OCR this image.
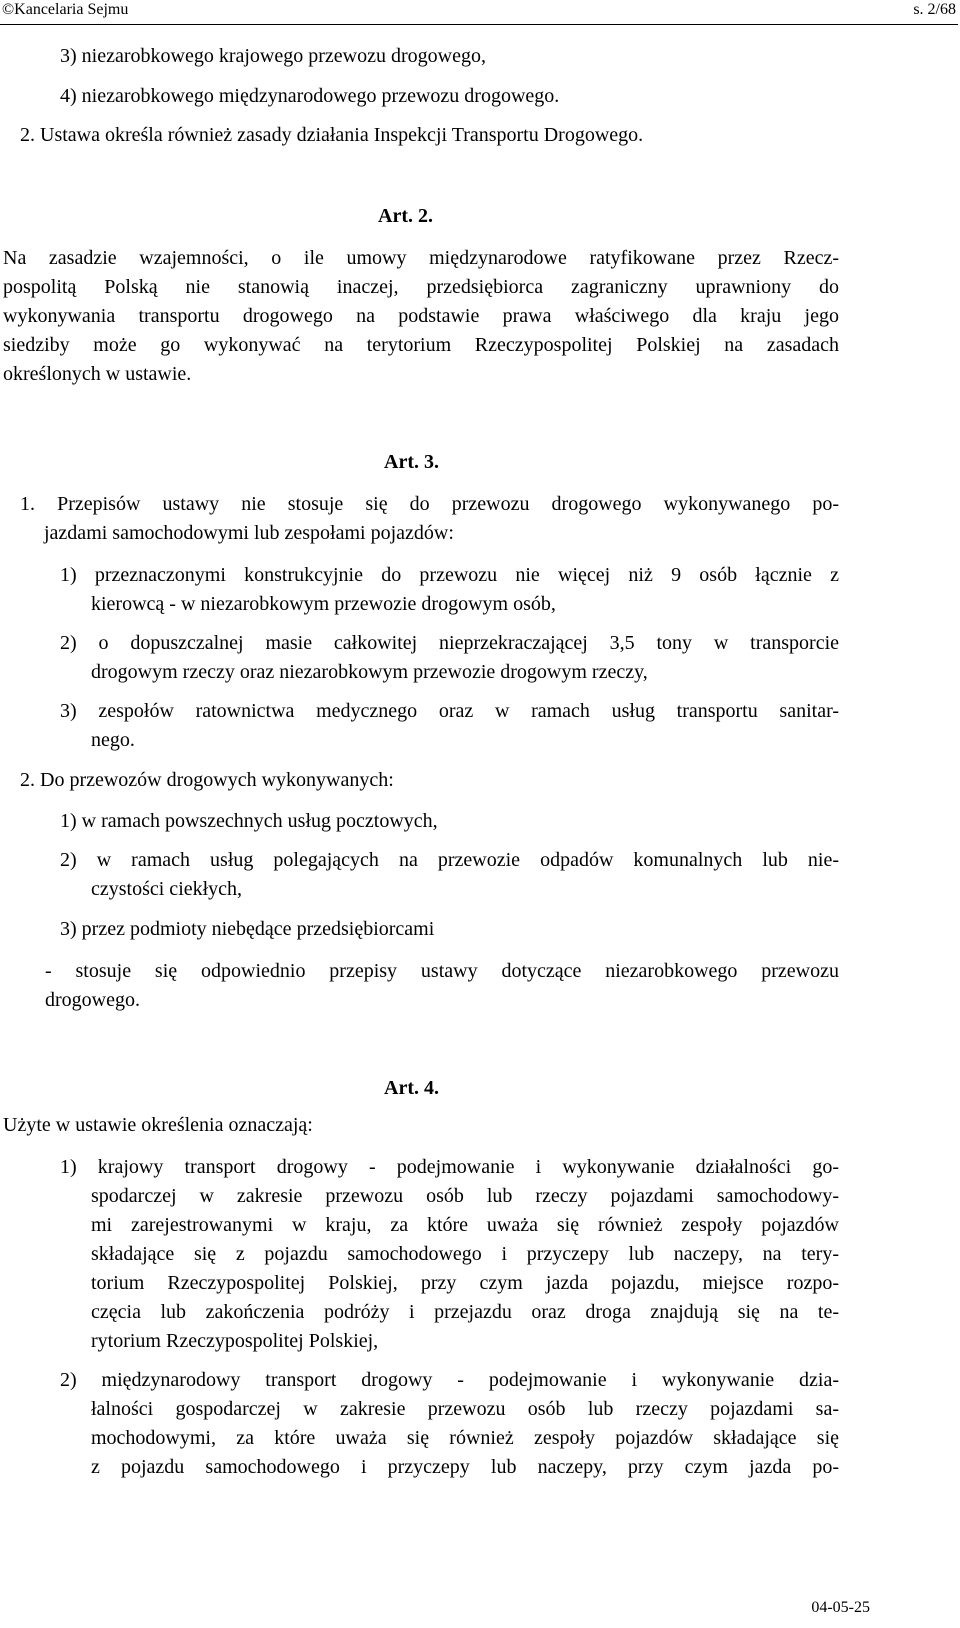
©Kancelaria Sejmu	s. 2/68
3) niezarobkowego krajowego przewozu drogowego,
4) niezarobkowego międzynarodowego przewozu drogowego.
2. Ustawa określa również zasady działania Inspekcji Transportu Drogowego.
Art. 2.
Na zasadzie wzajemności, o ile umowy międzynarodowe ratyfikowane przez Rzecz-
pospolitą Polską nie stanowią inaczej, przedsiębiorca zagraniczny uprawniony do
wykonywania transportu drogowego na podstawie prawa właściwego dla kraju jego
siedziby może go wykonywać na terytorium Rzeczypospolitej Polskiej na zasadach
określonych w ustawie.
Art. 3.
1. Przepisów ustawy nie stosuje się do przewozu drogowego wykonywanego po-
jazdami samochodowymi lub zespołami pojazdów:
1) przeznaczonymi konstrukcyjnie do przewozu nie więcej niż 9 osób łącznie z
kierowcą - w niezarobkowym przewozie drogowym osób,
2) o dopuszczalnej masie całkowitej nieprzekraczającej 3,5 tony w transporcie
drogowym rzeczy oraz niezarobkowym przewozie drogowym rzeczy,
3) zespołów ratownictwa medycznego oraz w ramach usług transportu sanitar-
nego.
2. Do przewozów drogowych wykonywanych:
1) w ramach powszechnych usług pocztowych,
2) w ramach usług polegających na przewozie odpadów komunalnych lub nie-
czystości ciekłych,
3) przez podmioty niebędące przedsiębiorcami
- stosuje się odpowiednio przepisy ustawy dotyczące niezarobkowego przewozu
drogowego.
Art. 4.
Użyte w ustawie określenia oznaczają:
1) krajowy transport drogowy - podejmowanie i wykonywanie działalności go-
spodarczej w zakresie przewozu osób lub rzeczy pojazdami samochodowy-
mi zarejestrowanymi w kraju, za które uważa się również zespoły pojazdów
składające się z pojazdu samochodowego i przyczepy lub naczepy, na tery-
torium Rzeczypospolitej Polskiej, przy czym jazda pojazdu, miejsce rozpo-
częcia lub zakończenia podróży i przejazdu oraz droga znajdują się na te-
rytorium Rzeczypospolitej Polskiej,
2) międzynarodowy transport drogowy - podejmowanie i wykonywanie dzia-
łalności gospodarczej w zakresie przewozu osób lub rzeczy pojazdami sa-
mochodowymi, za które uważa się również zespoły pojazdów składające się
z pojazdu samochodowego i przyczepy lub naczepy, przy czym jazda po-
04-05-25
